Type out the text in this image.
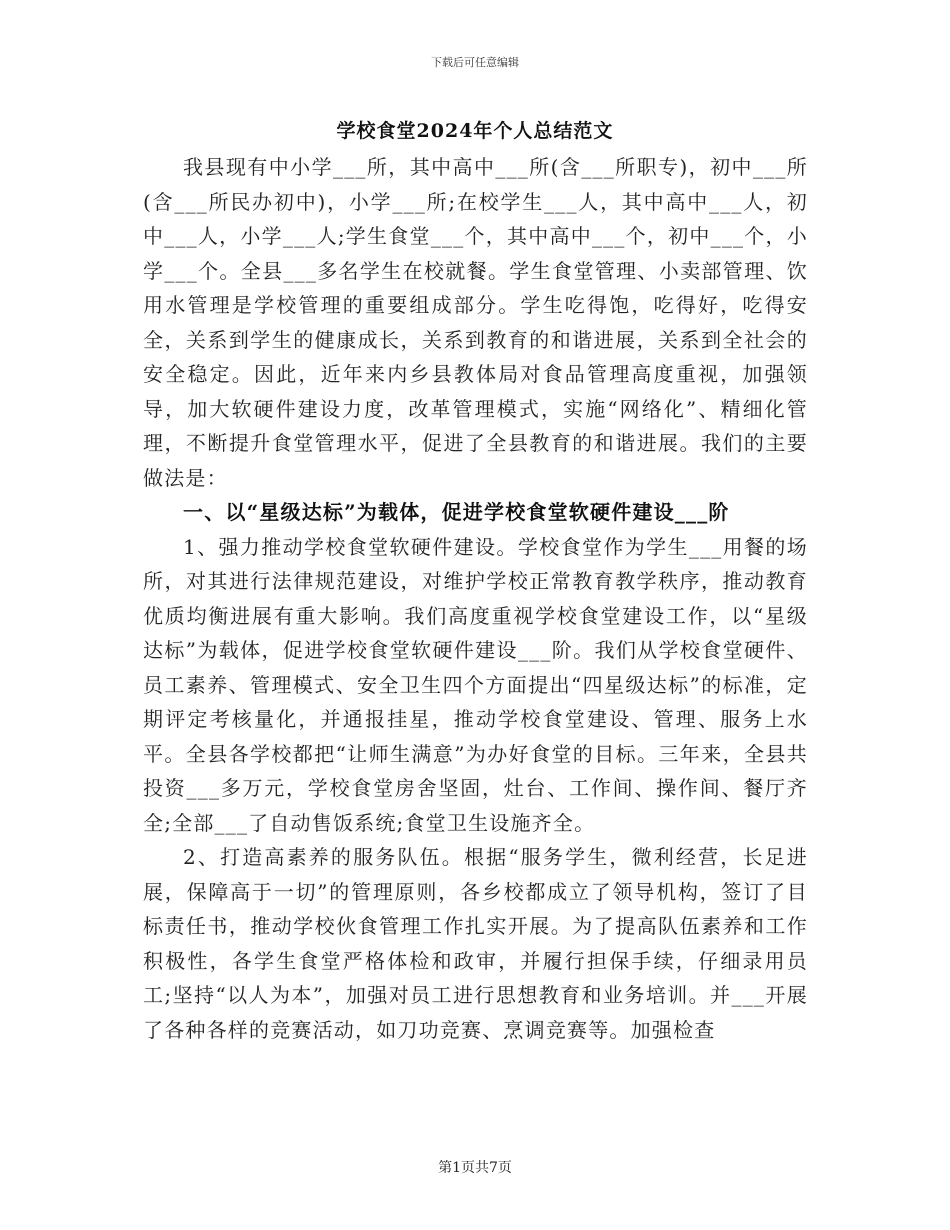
下载后可任意编辑
学校食堂2024年个人总结范文

我县现有中小学___所，其中高中___所(含___所职专)，初中___所(含___所民办初中)，小学___所;在校学生___人，其中高中___人，初中___人，小学___人;学生食堂___个，其中高中___个，初中___个，小学___个。全县___多名学生在校就餐。学生食堂管理、小卖部管理、饮用水管理是学校管理的重要组成部分。学生吃得饱，吃得好，吃得安全，关系到学生的健康成长，关系到教育的和谐进展，关系到全社会的安全稳定。因此，近年来内乡县教体局对食品管理高度重视，加强领导，加大软硬件建设力度，改革管理模式，实施“网络化”、精细化管理，不断提升食堂管理水平，促进了全县教育的和谐进展。我们的主要做法是：

一、以“星级达标”为载体，促进学校食堂软硬件建设___阶

1、强力推动学校食堂软硬件建设。学校食堂作为学生___用餐的场所，对其进行法律规范建设，对维护学校正常教育教学秩序，推动教育优质均衡进展有重大影响。我们高度重视学校食堂建设工作，以“星级达标”为载体，促进学校食堂软硬件建设___阶。我们从学校食堂硬件、员工素养、管理模式、安全卫生四个方面提出“四星级达标”的标准，定期评定考核量化，并通报挂星，推动学校食堂建设、管理、服务上水平。全县各学校都把“让师生满意”为办好食堂的目标。三年来，全县共投资___多万元，学校食堂房舍坚固，灶台、工作间、操作间、餐厅齐全;全部___了自动售饭系统;食堂卫生设施齐全。

2、打造高素养的服务队伍。根据“服务学生，微利经营，长足进展，保障高于一切”的管理原则，各乡校都成立了领导机构，签订了目标责任书，推动学校伙食管理工作扎实开展。为了提高队伍素养和工作积极性，各学生食堂严格体检和政审，并履行担保手续，仔细录用员工;坚持“以人为本”，加强对员工进行思想教育和业务培训。并___开展了各种各样的竞赛活动，如刀功竞赛、烹调竞赛等。加强检查

第1页共7页
